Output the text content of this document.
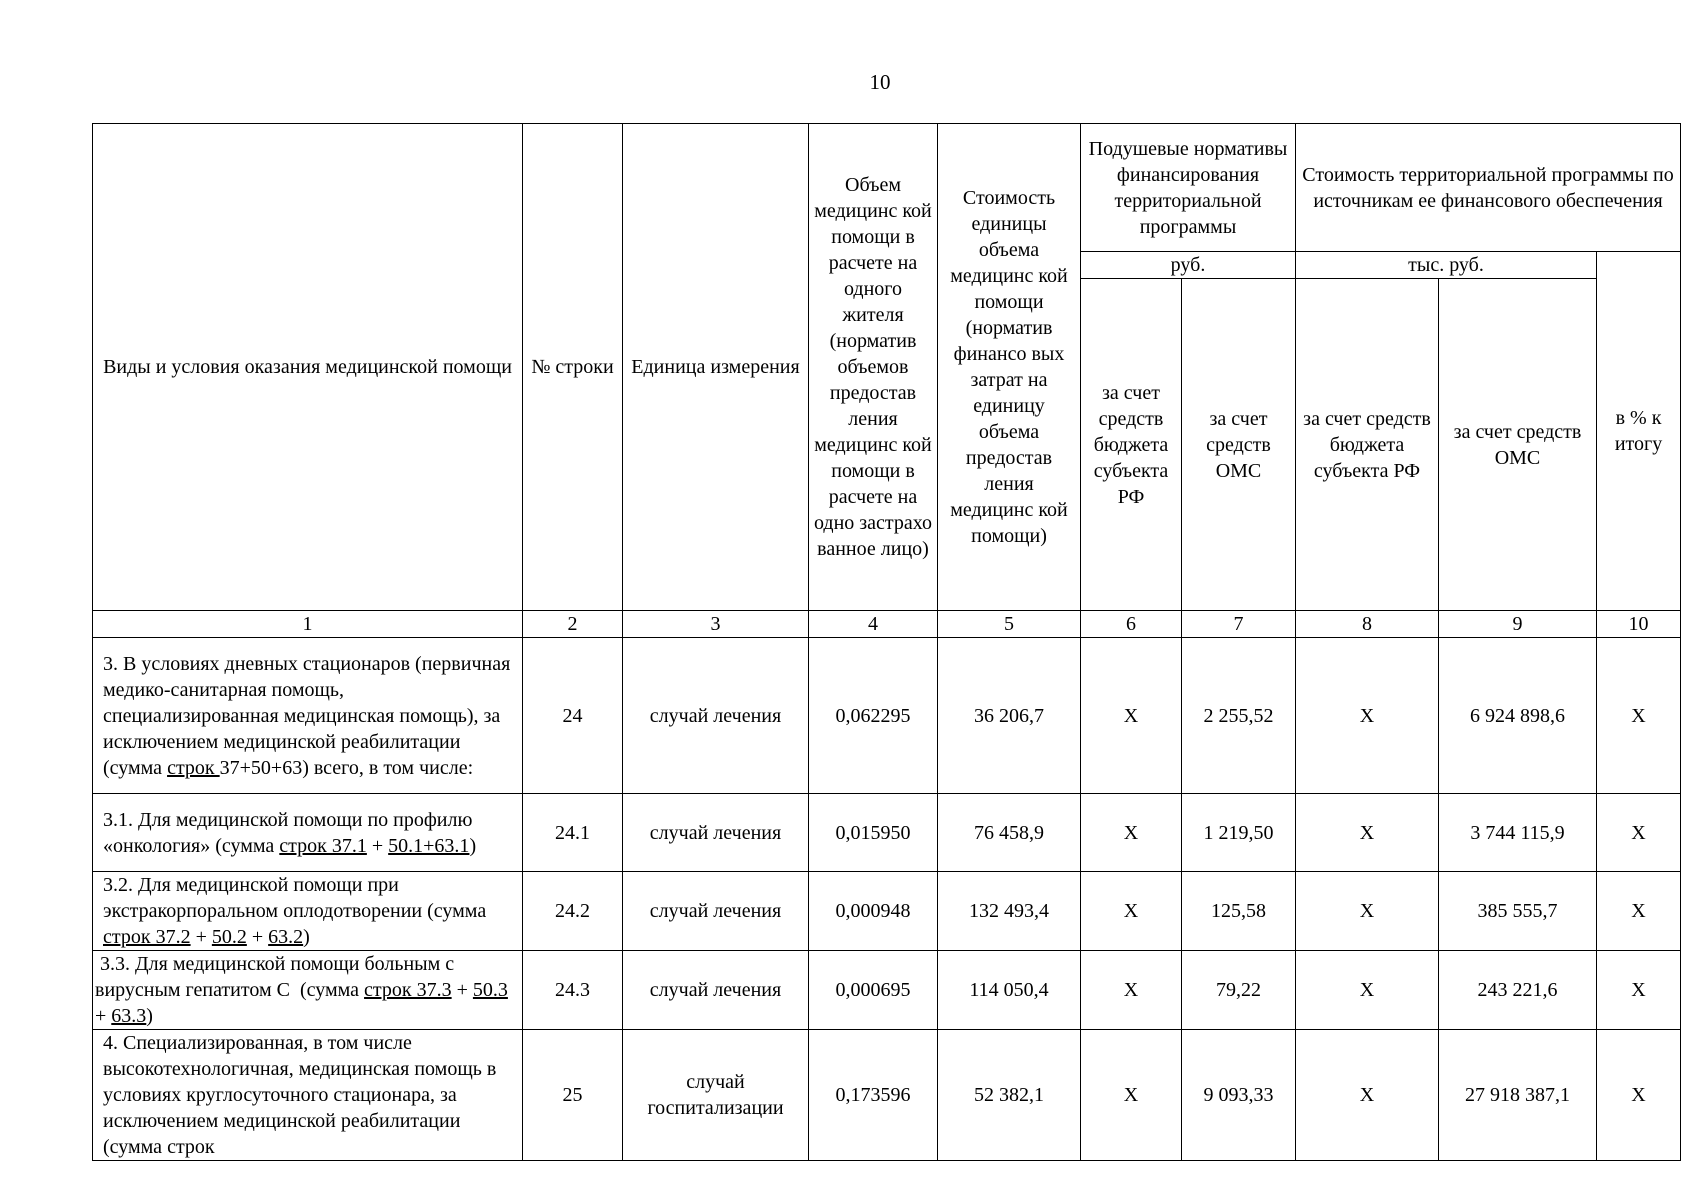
10
Виды и условия оказания медицинской помощи	№ строки	Единица измерения	Объем медицинс кой помощи в расчете на одного жителя (норматив объемов предостав ления медицинс кой помощи в расчете на одно застрахо ванное лицо)	Стоимость единицы объема медицинс кой помощи (норматив финансо вых затрат на единицу объема предостав ления медицинс кой помощи)	Подушевые нормативы финансирования территориальной программы		Стоимость территориальной программы по источникам ее финансового обеспечения		
					руб.		тыс. руб.		в % к итогу
					за счет средств бюджета субъекта РФ	за счет средств ОМС	за счет средств бюджета субъекта РФ	за счет средств ОМС	
1	2	3	4	5	6	7	8	9	10
3. В условиях дневных стационаров (первичная медико-санитарная помощь, специализированная медицинская помощь), за исключением медицинской реабилитации (сумма строк 37+50+63) всего, в том числе:	24	случай лечения	0,062295	36 206,7	X	2 255,52	X	6 924 898,6	X
3.1. Для медицинской помощи по профилю «онкология» (сумма строк 37.1 + 50.1+63.1)	24.1	случай лечения	0,015950	76 458,9	X	1 219,50	X	3 744 115,9	X
3.2. Для медицинской помощи при экстракорпоральном оплодотворении (сумма строк 37.2 + 50.2 + 63.2)	24.2	случай лечения	0,000948	132 493,4	X	125,58	X	385 555,7	X
3.3. Для медицинской помощи больным с вирусным гепатитом С  (сумма строк 37.3 + 50.3 + 63.3)	24.3	случай лечения	0,000695	114 050,4	X	79,22	X	243 221,6	X
4. Специализированная, в том числе высокотехнологичная, медицинская помощь в условиях круглосуточного стационара, за исключением медицинской реабилитации (сумма строк	25	случай госпитализации	0,173596	52 382,1	X	9 093,33	X	27 918 387,1	X
